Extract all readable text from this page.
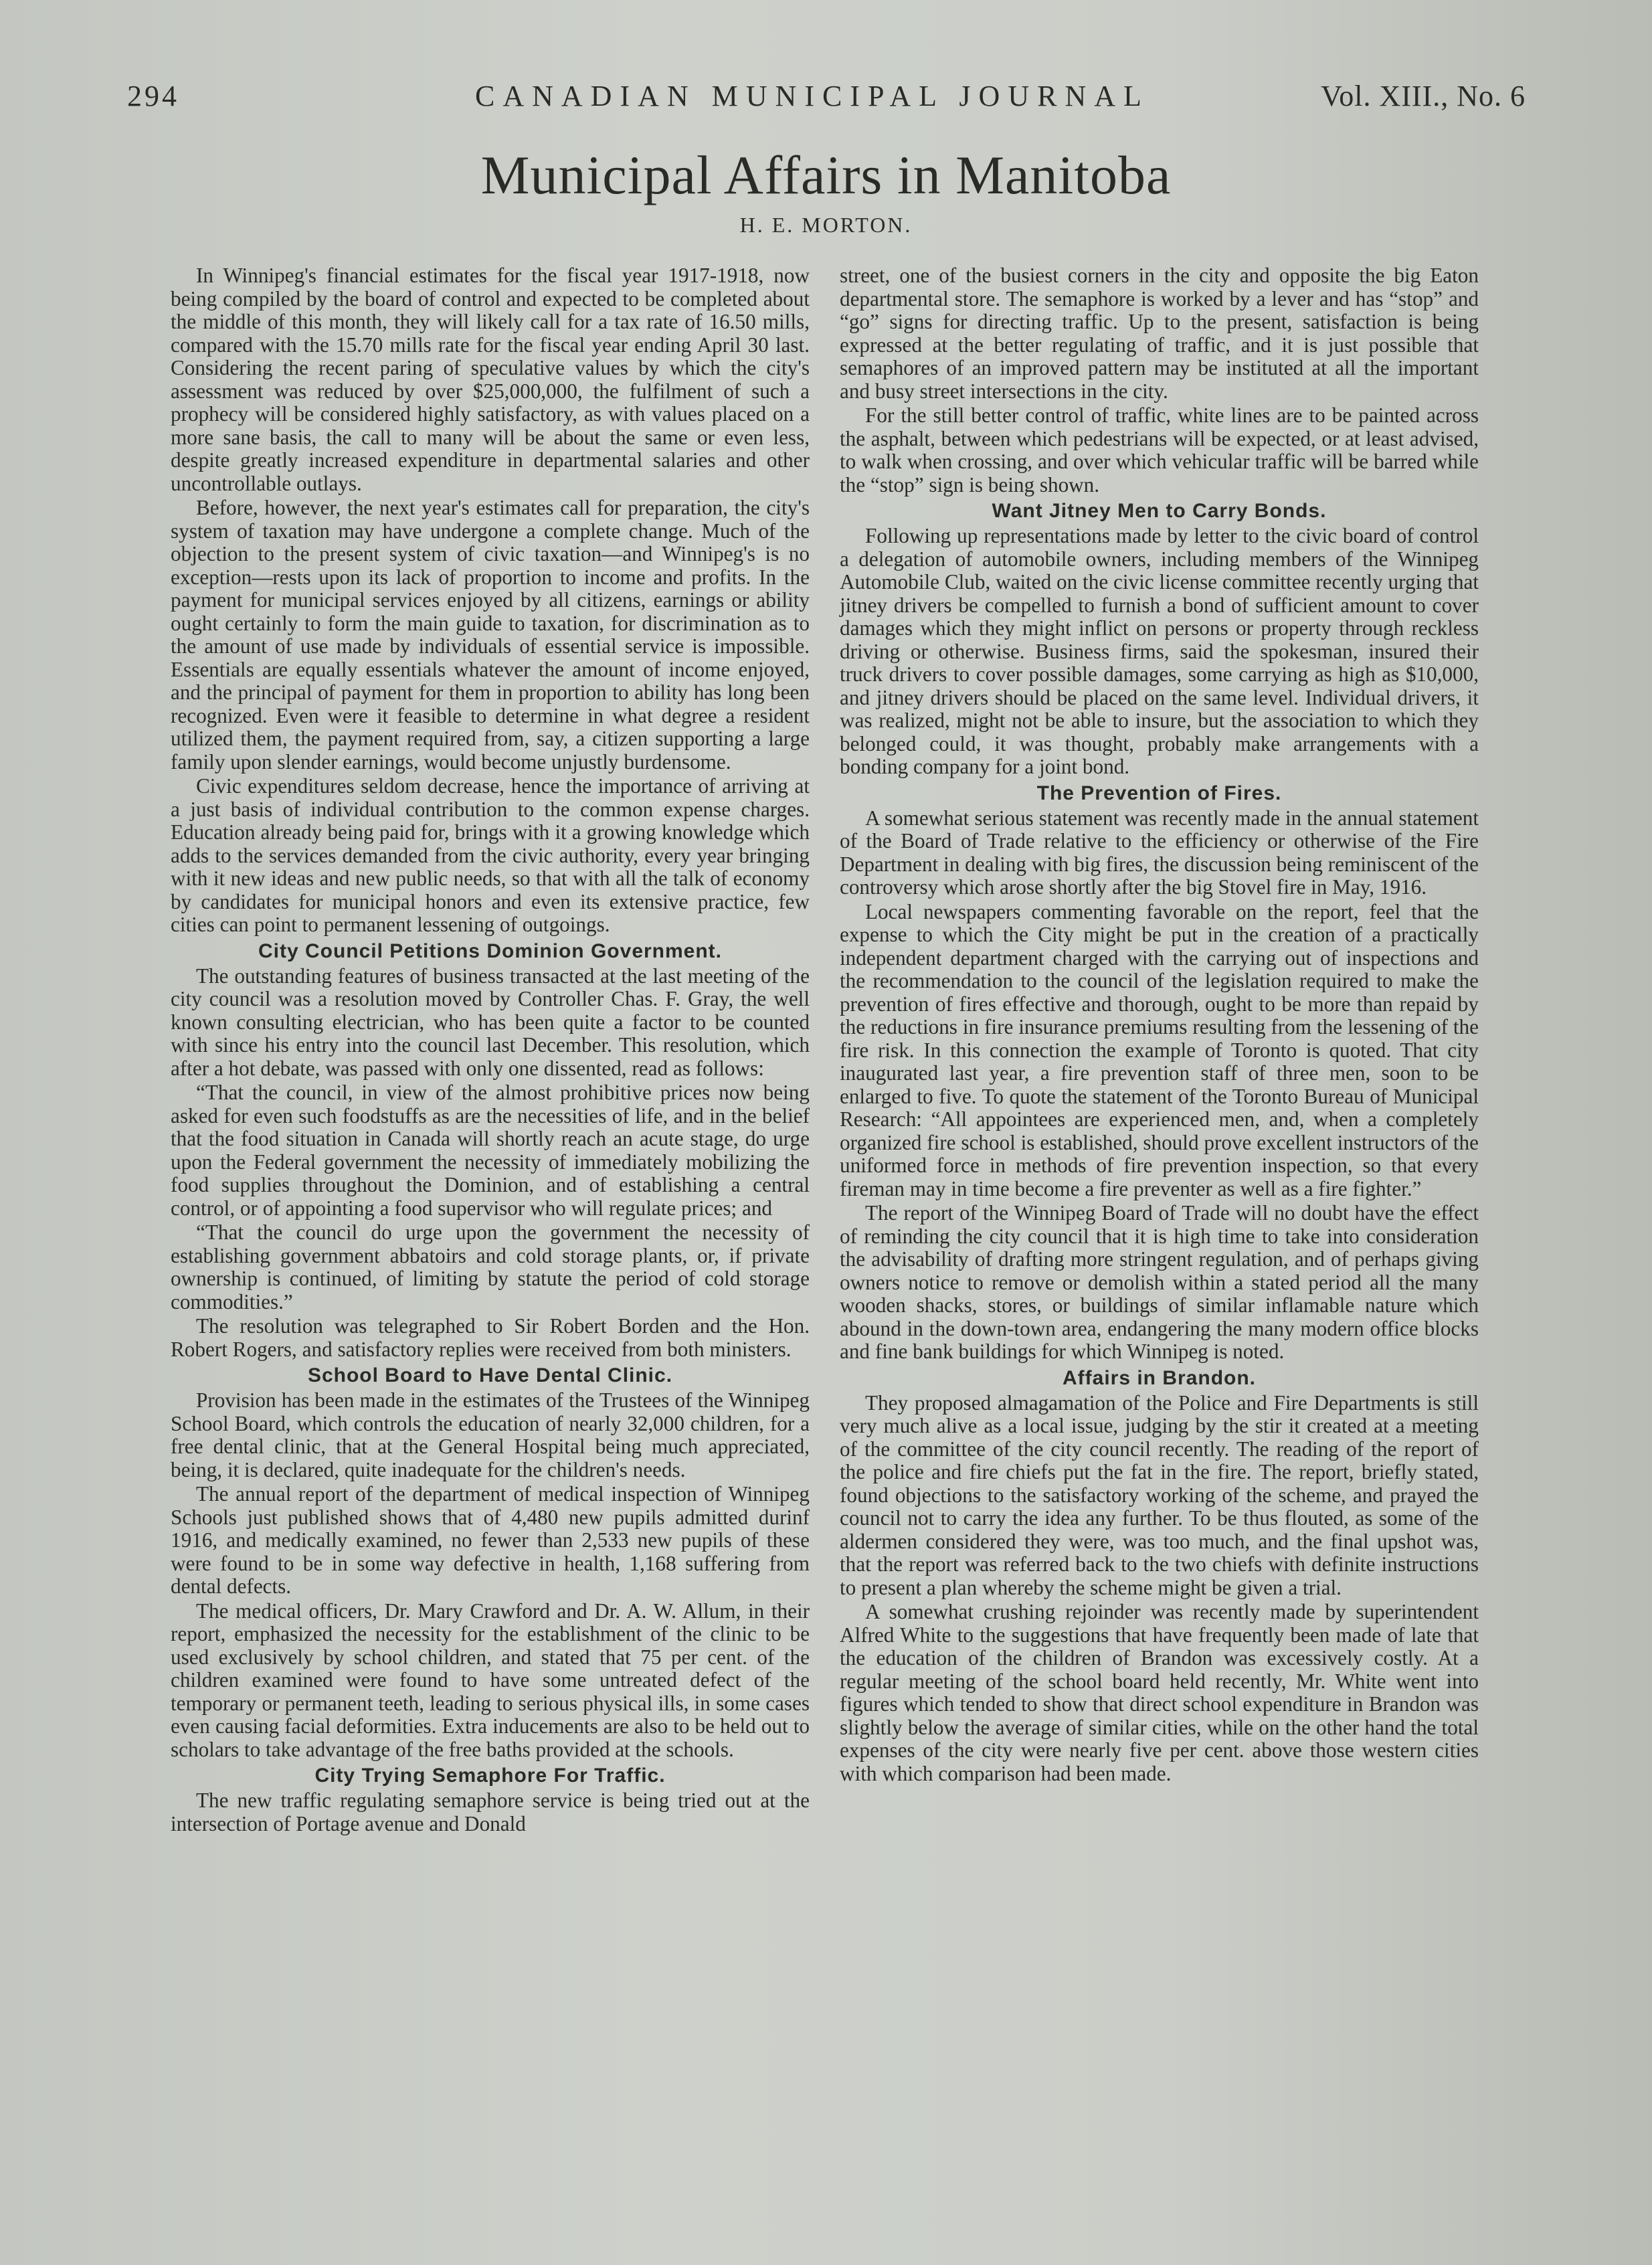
294	CANADIAN MUNICIPAL JOURNAL	Vol. XIII., No. 6
Municipal Affairs in Manitoba
H. E. MORTON.

In Winnipeg's financial estimates for the fiscal year 1917-1918, now being compiled by the board of control and expected to be completed about the middle of this month, they will likely call for a tax rate of 16.50 mills, compared with the 15.70 mills rate for the fiscal year ending April 30 last. Considering the recent paring of speculative values by which the city's assessment was reduced by over $25,000,000, the fulfilment of such a prophecy will be considered highly satisfactory, as with values placed on a more sane basis, the call to many will be about the same or even less, despite greatly increased expenditure in departmental salaries and other uncontrollable outlays.

Before, however, the next year's estimates call for preparation, the city's system of taxation may have undergone a complete change. Much of the objection to the present system of civic taxation—and Winnipeg's is no exception—rests upon its lack of proportion to income and profits. In the payment for municipal services enjoyed by all citizens, earnings or ability ought certainly to form the main guide to taxation, for discrimination as to the amount of use made by individuals of essential service is impossible. Essentials are equally essentials whatever the amount of income enjoyed, and the principal of payment for them in proportion to ability has long been recognized. Even were it feasible to determine in what degree a resident utilized them, the payment required from, say, a citizen supporting a large family upon slender earnings, would become unjustly burdensome.

Civic expenditures seldom decrease, hence the importance of arriving at a just basis of individual contribution to the common expense charges. Education already being paid for, brings with it a growing knowledge which adds to the services demanded from the civic authority, every year bringing with it new ideas and new public needs, so that with all the talk of economy by candidates for municipal honors and even its extensive practice, few cities can point to permanent lessening of outgoings.

City Council Petitions Dominion Government.

The outstanding features of business transacted at the last meeting of the city council was a resolution moved by Controller Chas. F. Gray, the well known consulting electrician, who has been quite a factor to be counted with since his entry into the council last December. This resolution, which after a hot debate, was passed with only one dissented, read as follows:

“That the council, in view of the almost prohibitive prices now being asked for even such foodstuffs as are the necessities of life, and in the belief that the food situation in Canada will shortly reach an acute stage, do urge upon the Federal government the necessity of immediately mobilizing the food supplies throughout the Dominion, and of establishing a central control, or of appointing a food supervisor who will regulate prices; and

“That the council do urge upon the government the necessity of establishing government abbatoirs and cold storage plants, or, if private ownership is continued, of limiting by statute the period of cold storage commodities.”

The resolution was telegraphed to Sir Robert Borden and the Hon. Robert Rogers, and satisfactory replies were received from both ministers.

School Board to Have Dental Clinic.

Provision has been made in the estimates of the Trustees of the Winnipeg School Board, which controls the education of nearly 32,000 children, for a free dental clinic, that at the General Hospital being much appreciated, being, it is declared, quite inadequate for the children's needs.

The annual report of the department of medical inspection of Winnipeg Schools just published shows that of 4,480 new pupils admitted durinf 1916, and medically examined, no fewer than 2,533 new pupils of these were found to be in some way defective in health, 1,168 suffering from dental defects.

The medical officers, Dr. Mary Crawford and Dr. A. W. Allum, in their report, emphasized the necessity for the establishment of the clinic to be used exclusively by school children, and stated that 75 per cent. of the children examined were found to have some untreated defect of the temporary or permanent teeth, leading to serious physical ills, in some cases even causing facial deformities. Extra inducements are also to be held out to scholars to take advantage of the free baths provided at the schools.

City Trying Semaphore For Traffic.

The new traffic regulating semaphore service is being tried out at the intersection of Portage avenue and Donald

street, one of the busiest corners in the city and opposite the big Eaton departmental store. The semaphore is worked by a lever and has “stop” and “go” signs for directing traffic. Up to the present, satisfaction is being expressed at the better regulating of traffic, and it is just possible that semaphores of an improved pattern may be instituted at all the important and busy street intersections in the city.

For the still better control of traffic, white lines are to be painted across the asphalt, between which pedestrians will be expected, or at least advised, to walk when crossing, and over which vehicular traffic will be barred while the “stop” sign is being shown.

Want Jitney Men to Carry Bonds.

Following up representations made by letter to the civic board of control a delegation of automobile owners, including members of the Winnipeg Automobile Club, waited on the civic license committee recently urging that jitney drivers be compelled to furnish a bond of sufficient amount to cover damages which they might inflict on persons or property through reckless driving or otherwise. Business firms, said the spokesman, insured their truck drivers to cover possible damages, some carrying as high as $10,000, and jitney drivers should be placed on the same level. Individual drivers, it was realized, might not be able to insure, but the association to which they belonged could, it was thought, probably make arrangements with a bonding company for a joint bond.

The Prevention of Fires.

A somewhat serious statement was recently made in the annual statement of the Board of Trade relative to the efficiency or otherwise of the Fire Department in dealing with big fires, the discussion being reminiscent of the controversy which arose shortly after the big Stovel fire in May, 1916.

Local newspapers commenting favorable on the report, feel that the expense to which the City might be put in the creation of a practically independent department charged with the carrying out of inspections and the recommendation to the council of the legislation required to make the prevention of fires effective and thorough, ought to be more than repaid by the reductions in fire insurance premiums resulting from the lessening of the fire risk. In this connection the example of Toronto is quoted. That city inaugurated last year, a fire prevention staff of three men, soon to be enlarged to five. To quote the statement of the Toronto Bureau of Municipal Research: “All appointees are experienced men, and, when a completely organized fire school is established, should prove excellent instructors of the uniformed force in methods of fire prevention inspection, so that every fireman may in time become a fire preventer as well as a fire fighter.”

The report of the Winnipeg Board of Trade will no doubt have the effect of reminding the city council that it is high time to take into consideration the advisability of drafting more stringent regulation, and of perhaps giving owners notice to remove or demolish within a stated period all the many wooden shacks, stores, or buildings of similar inflamable nature which abound in the down-town area, endangering the many modern office blocks and fine bank buildings for which Winnipeg is noted.

Affairs in Brandon.

They proposed almagamation of the Police and Fire Departments is still very much alive as a local issue, judging by the stir it created at a meeting of the committee of the city council recently. The reading of the report of the police and fire chiefs put the fat in the fire. The report, briefly stated, found objections to the satisfactory working of the scheme, and prayed the council not to carry the idea any further. To be thus flouted, as some of the aldermen considered they were, was too much, and the final upshot was, that the report was referred back to the two chiefs with definite instructions to present a plan whereby the scheme might be given a trial.

A somewhat crushing rejoinder was recently made by superintendent Alfred White to the suggestions that have frequently been made of late that the education of the children of Brandon was excessively costly. At a regular meeting of the school board held recently, Mr. White went into figures which tended to show that direct school expenditure in Brandon was slightly below the average of similar cities, while on the other hand the total expenses of the city were nearly five per cent. above those western cities with which comparison had been made.
